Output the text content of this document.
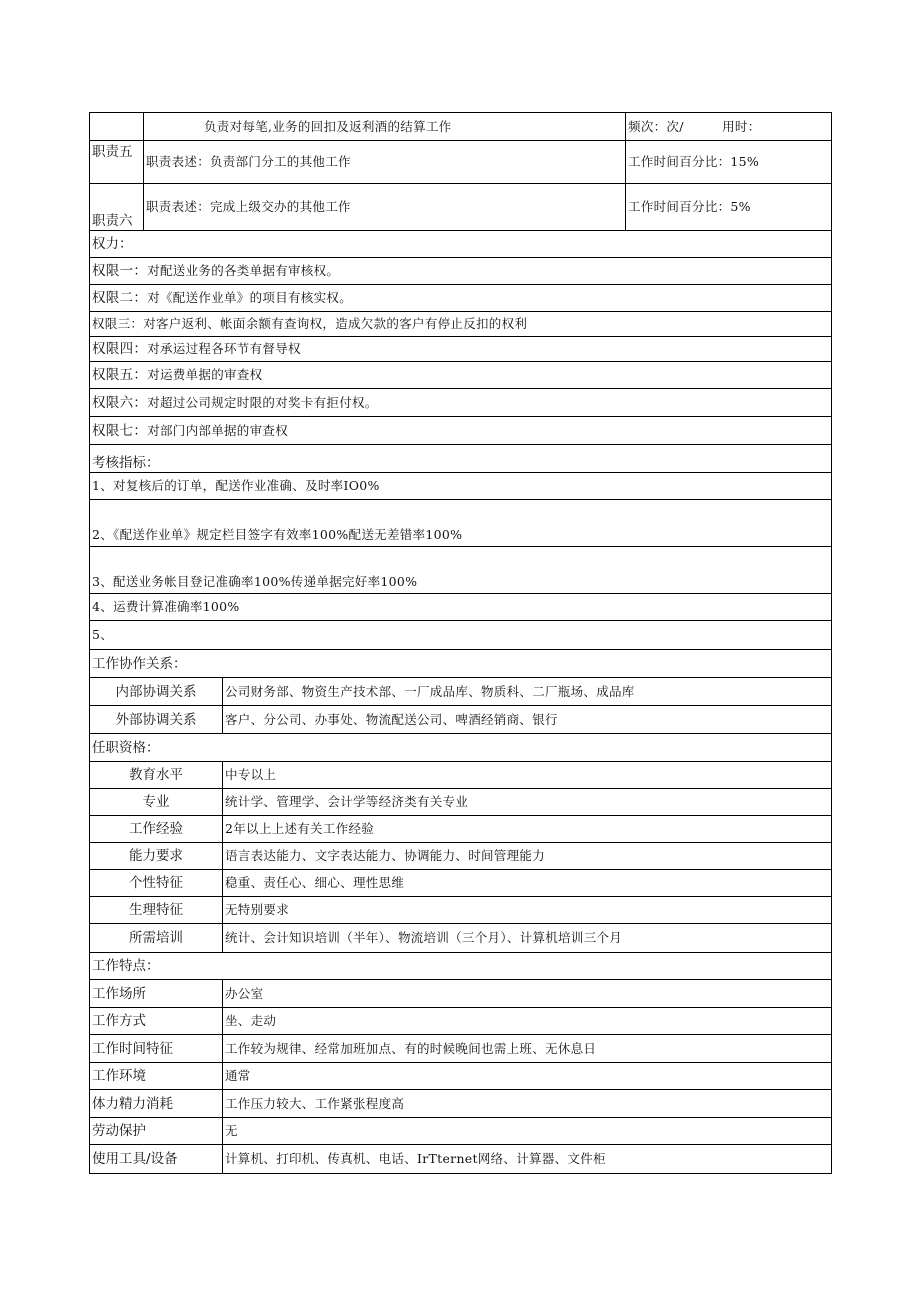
	负责对每笔,业务的回扣及返利酒的结算工作		频次：次/　　　用时：
职责五	职责表述：负责部门分工的其他工作		工作时间百分比：15%
职责六	职责表述：完成上级交办的其他工作		工作时间百分比：5%
权力：			
权限一：对配送业务的各类单据有审核权。			
权限二：对《配送作业单》的项目有核实权。			
权限三：对客户返利、帐面余额有查询权，造成欠款的客户有停止反扣的权利			
权限四：对承运过程各环节有督导权			
权限五：对运费单据的审查权			
权限六：对超过公司规定时限的对奖卡有拒付权。			
权限七：对部门内部单据的审查权			
考核指标：			
1、对复核后的订单，配送作业准确、及时率IO0%			
2、《配送作业单》规定栏目签字有效率100%配送无差错率100%			
3、配送业务帐目登记准确率100%传递单据完好率100%			
4、运费计算准确率100%			
5、			
工作协作关系：			
内部协调关系		公司财务部、物资生产技术部、一厂成品库、物质科、二厂瓶场、成品库	
外部协调关系		客户、分公司、办事处、物流配送公司、啤酒经销商、银行	
任职资格：			
教育水平		中专以上	
专业		统计学、管理学、会计学等经济类有关专业	
工作经验		2年以上上述有关工作经验	
能力要求		语言表达能力、文字表达能力、协调能力、时间管理能力	
个性特征		稳重、责任心、细心、理性思维	
生理特征		无特别要求	
所需培训		统计、会计知识培训（半年）、物流培训（三个月）、计算机培训三个月	
工作特点：			
工作场所		办公室	
工作方式		坐、走动	
工作时间特征		工作较为规律、经常加班加点、有的时候晚间也需上班、无休息日	
工作环境		通常	
体力精力消耗		工作压力较大、工作紧张程度高	
劳动保护		无	
使用工具/设备		计算机、打印机、传真机、电话、IrTternet网络、计算器、文件柜	
